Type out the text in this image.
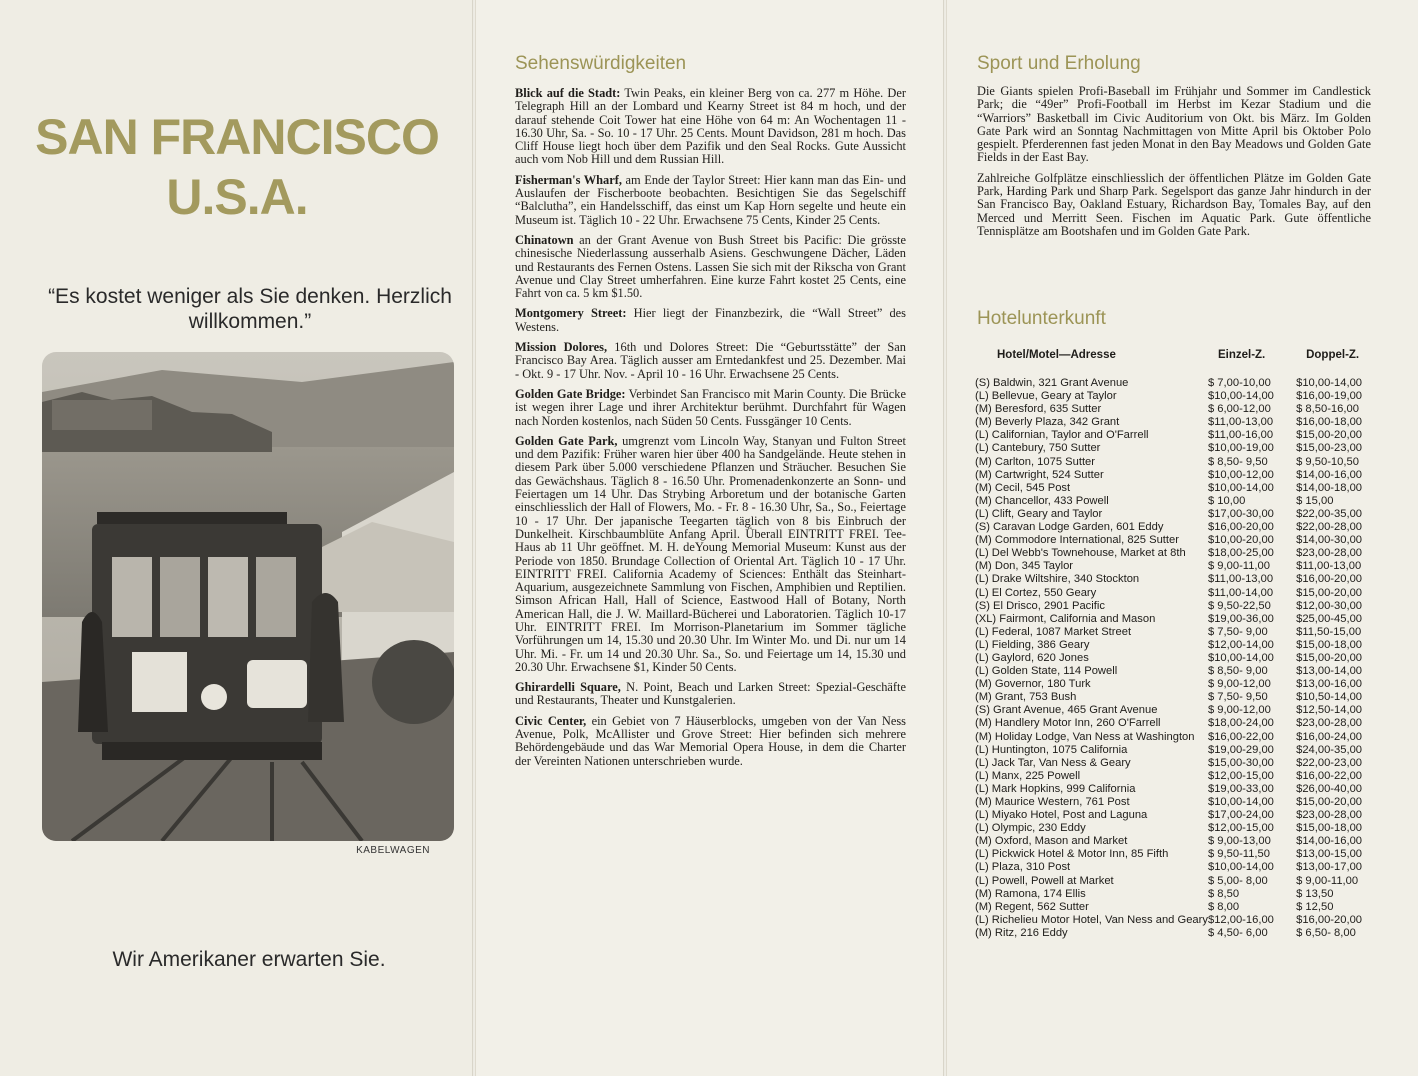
SAN FRANCISCO
U.S.A.
“Es kostet weniger als Sie denken. Herzlich willkommen.”
KABELWAGEN
Wir Amerikaner erwarten Sie.
Sehenswürdigkeiten

Blick auf die Stadt: Twin Peaks, ein kleiner Berg von ca. 277 m Höhe. Der Telegraph Hill an der Lombard und Kearny Street ist 84 m hoch, und der darauf stehende Coit Tower hat eine Höhe von 64 m: An Wochentagen 11 - 16.30 Uhr, Sa. - So. 10 - 17 Uhr. 25 Cents. Mount Davidson, 281 m hoch. Das Cliff House liegt hoch über dem Pazifik und den Seal Rocks. Gute Aussicht auch vom Nob Hill und dem Russian Hill.

Fisherman's Wharf, am Ende der Taylor Street: Hier kann man das Ein- und Auslaufen der Fischerboote beobachten. Besichtigen Sie das Segelschiff “Balclutha”, ein Handelsschiff, das einst um Kap Horn segelte und heute ein Museum ist. Täglich 10 - 22 Uhr. Erwachsene 75 Cents, Kinder 25 Cents.

Chinatown an der Grant Avenue von Bush Street bis Pacific: Die grösste chinesische Niederlassung ausserhalb Asiens. Geschwungene Dächer, Läden und Restaurants des Fernen Ostens. Lassen Sie sich mit der Rikscha von Grant Avenue und Clay Street umherfahren. Eine kurze Fahrt kostet 25 Cents, eine Fahrt von ca. 5 km $1.50.

Montgomery Street: Hier liegt der Finanzbezirk, die “Wall Street” des Westens.

Mission Dolores, 16th und Dolores Street: Die “Geburtsstätte” der San Francisco Bay Area. Täglich ausser am Erntedankfest und 25. Dezember. Mai - Okt. 9 - 17 Uhr. Nov. - April 10 - 16 Uhr. Erwachsene 25 Cents.

Golden Gate Bridge: Verbindet San Francisco mit Marin County. Die Brücke ist wegen ihrer Lage und ihrer Architektur berühmt. Durchfahrt für Wagen nach Norden kostenlos, nach Süden 50 Cents. Fussgänger 10 Cents.

Golden Gate Park, umgrenzt vom Lincoln Way, Stanyan und Fulton Street und dem Pazifik: Früher waren hier über 400 ha Sandgelände. Heute stehen in diesem Park über 5.000 verschiedene Pflanzen und Sträucher. Besuchen Sie das Gewächshaus. Täglich 8 - 16.50 Uhr. Promenadenkonzerte an Sonn- und Feiertagen um 14 Uhr. Das Strybing Arboretum und der botanische Garten einschliesslich der Hall of Flowers, Mo. - Fr. 8 - 16.30 Uhr, Sa., So., Feiertage 10 - 17 Uhr. Der japanische Teegarten täglich von 8 bis Einbruch der Dunkelheit. Kirschbaumblüte Anfang April. Überall EINTRITT FREI. Tee-Haus ab 11 Uhr geöffnet. M. H. deYoung Memorial Museum: Kunst aus der Periode von 1850. Brundage Collection of Oriental Art. Täglich 10 - 17 Uhr. EINTRITT FREI. California Academy of Sciences: Enthält das Steinhart-Aquarium, ausgezeichnete Sammlung von Fischen, Amphibien und Reptilien. Simson African Hall, Hall of Science, Eastwood Hall of Botany, North American Hall, die J. W. Maillard-Bücherei und Laboratorien. Täglich 10-17 Uhr. EINTRITT FREI. Im Morrison-Planetarium im Sommer tägliche Vorführungen um 14, 15.30 und 20.30 Uhr. Im Winter Mo. und Di. nur um 14 Uhr. Mi. - Fr. um 14 und 20.30 Uhr. Sa., So. und Feiertage um 14, 15.30 und 20.30 Uhr. Erwachsene $1, Kinder 50 Cents.

Ghirardelli Square, N. Point, Beach und Larken Street: Spezial-Geschäfte und Restaurants, Theater und Kunstgalerien.

Civic Center, ein Gebiet von 7 Häuserblocks, umgeben von der Van Ness Avenue, Polk, McAllister und Grove Street: Hier befinden sich mehrere Behördengebäude und das War Memorial Opera House, in dem die Charter der Vereinten Nationen unterschrieben wurde.

Sport und Erholung

Die Giants spielen Profi-Baseball im Frühjahr und Sommer im Candlestick Park; die “49er” Profi-Football im Herbst im Kezar Stadium und die “Warriors” Basketball im Civic Auditorium von Okt. bis März. Im Golden Gate Park wird an Sonntag Nachmittagen von Mitte April bis Oktober Polo gespielt. Pferderennen fast jeden Monat in den Bay Meadows und Golden Gate Fields in der East Bay.

Zahlreiche Golfplätze einschliesslich der öffentlichen Plätze im Golden Gate Park, Harding Park und Sharp Park. Segelsport das ganze Jahr hindurch in der San Francisco Bay, Oakland Estuary, Richardson Bay, Tomales Bay, auf den Merced und Merritt Seen. Fischen im Aquatic Park. Gute öffentliche Tennisplätze am Bootshafen und im Golden Gate Park.

Hotelunterkunft
Hotel/Motel—Adresse	Einzel-Z.	Doppel-Z.
(S) Baldwin, 321 Grant Avenue	$ 7,00-10,00	$10,00-14,00
(L) Bellevue, Geary at Taylor	$10,00-14,00	$16,00-19,00
(M) Beresford, 635 Sutter	$ 6,00-12,00	$ 8,50-16,00
(M) Beverly Plaza, 342 Grant	$11,00-13,00	$16,00-18,00
(L) Californian, Taylor and O'Farrell	$11,00-16,00	$15,00-20,00
(L) Cantebury, 750 Sutter	$10,00-19,00	$15,00-23,00
(M) Carlton, 1075 Sutter	$ 8,50- 9,50	$ 9,50-10,50
(M) Cartwright, 524 Sutter	$10,00-12,00	$14,00-16,00
(M) Cecil, 545 Post	$10,00-14,00	$14,00-18,00
(M) Chancellor, 433 Powell	$ 10,00	$ 15,00
(L) Clift, Geary and Taylor	$17,00-30,00	$22,00-35,00
(S) Caravan Lodge Garden, 601 Eddy	$16,00-20,00	$22,00-28,00
(M) Commodore International, 825 Sutter	$10,00-20,00	$14,00-30,00
(L) Del Webb's Townehouse, Market at 8th	$18,00-25,00	$23,00-28,00
(M) Don, 345 Taylor	$ 9,00-11,00	$11,00-13,00
(L) Drake Wiltshire, 340 Stockton	$11,00-13,00	$16,00-20,00
(L) El Cortez, 550 Geary	$11,00-14,00	$15,00-20,00
(S) El Drisco, 2901 Pacific	$ 9,50-22,50	$12,00-30,00
(XL) Fairmont, California and Mason	$19,00-36,00	$25,00-45,00
(L) Federal, 1087 Market Street	$ 7,50- 9,00	$11,50-15,00
(L) Fielding, 386 Geary	$12,00-14,00	$15,00-18,00
(L) Gaylord, 620 Jones	$10,00-14,00	$15,00-20,00
(L) Golden State, 114 Powell	$ 8,50- 9,00	$13,00-14,00
(M) Governor, 180 Turk	$ 9,00-12,00	$13,00-16,00
(M) Grant, 753 Bush	$ 7,50- 9,50	$10,50-14,00
(S) Grant Avenue, 465 Grant Avenue	$ 9,00-12,00	$12,50-14,00
(M) Handlery Motor Inn, 260 O'Farrell	$18,00-24,00	$23,00-28,00
(M) Holiday Lodge, Van Ness at Washington	$16,00-22,00	$16,00-24,00
(L) Huntington, 1075 California	$19,00-29,00	$24,00-35,00
(L) Jack Tar, Van Ness & Geary	$15,00-30,00	$22,00-23,00
(L) Manx, 225 Powell	$12,00-15,00	$16,00-22,00
(L) Mark Hopkins, 999 California	$19,00-33,00	$26,00-40,00
(M) Maurice Western, 761 Post	$10,00-14,00	$15,00-20,00
(L) Miyako Hotel, Post and Laguna	$17,00-24,00	$23,00-28,00
(L) Olympic, 230 Eddy	$12,00-15,00	$15,00-18,00
(M) Oxford, Mason and Market	$ 9,00-13,00	$14,00-16,00
(L) Pickwick Hotel & Motor Inn, 85 Fifth	$ 9,50-11,50	$13,00-15,00
(L) Plaza, 310 Post	$10,00-14,00	$13,00-17,00
(L) Powell, Powell at Market	$ 5,00- 8,00	$ 9,00-11,00
(M) Ramona, 174 Ellis	$ 8,50	$ 13,50
(M) Regent, 562 Sutter	$ 8,00	$ 12,50
(L) Richelieu Motor Hotel, Van Ness and Geary	$12,00-16,00	$16,00-20,00
(M) Ritz, 216 Eddy	$ 4,50- 6,00	$ 6,50- 8,00
